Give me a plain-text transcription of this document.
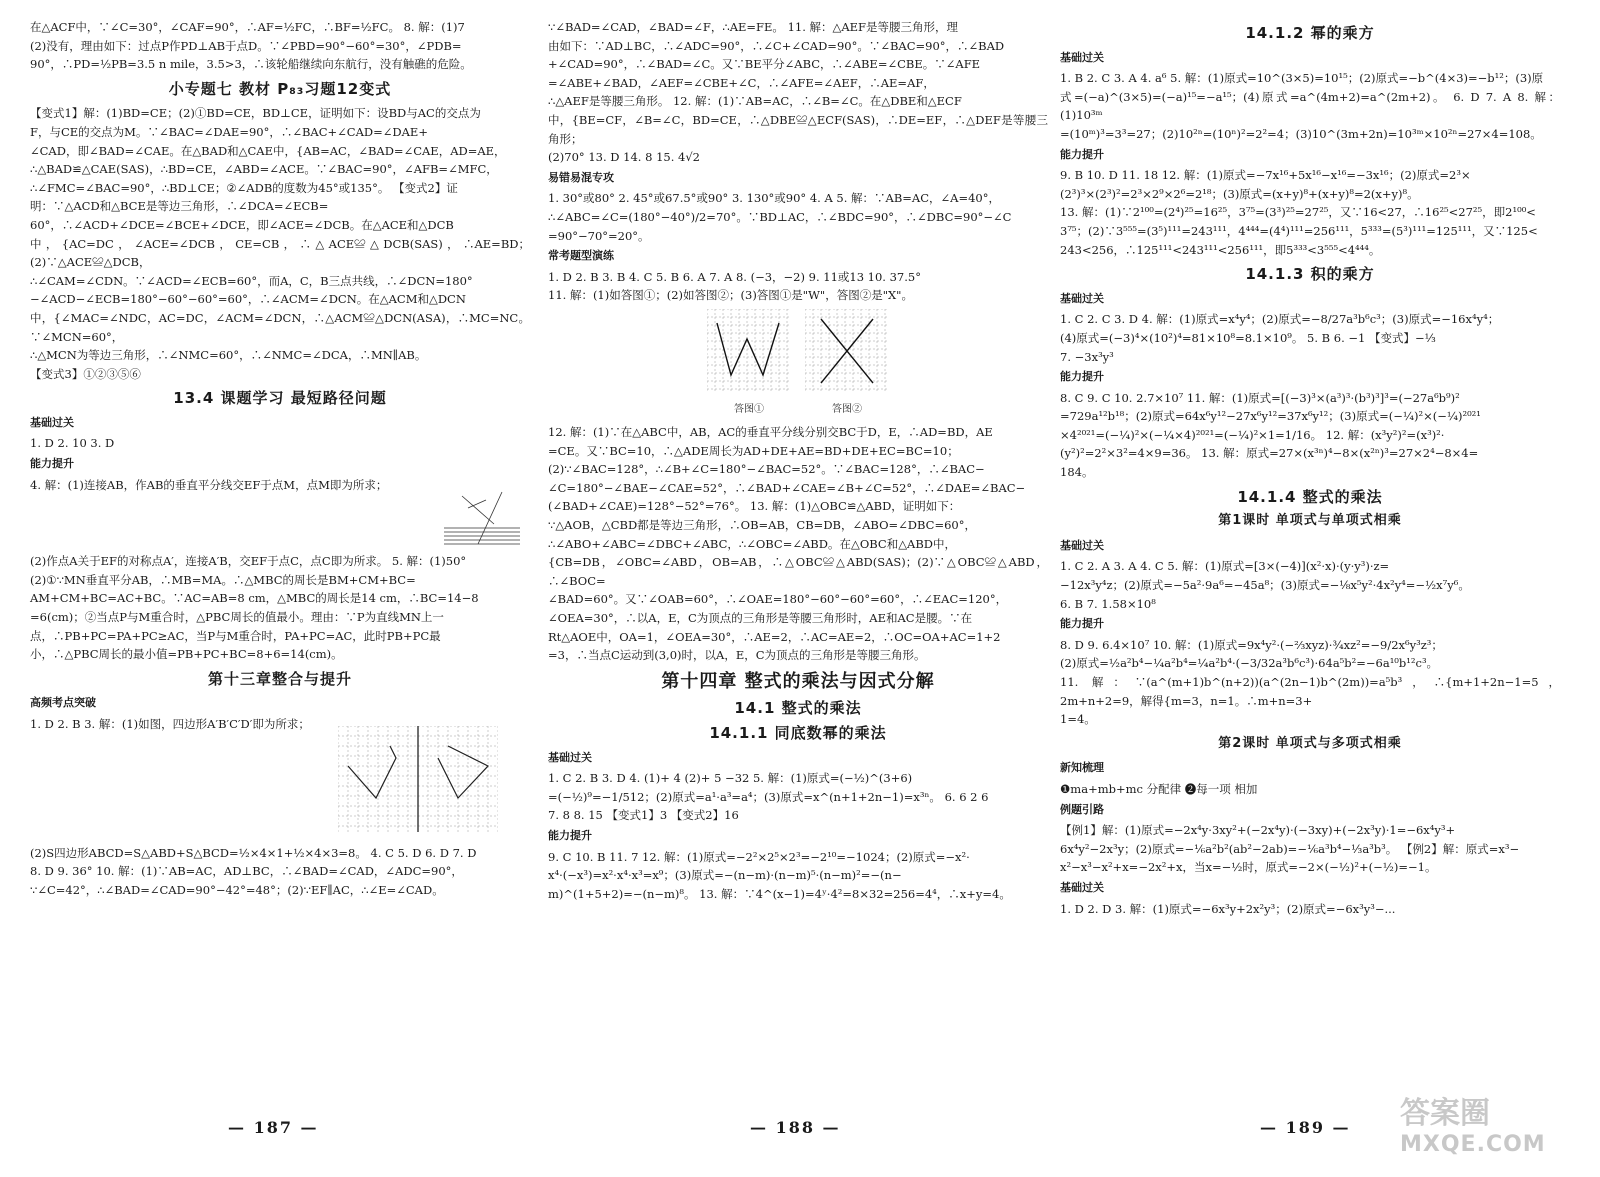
在△ACF中，∵∠C=30°，∠CAF=90°，∴AF=½FC，∴BF=½FC。 8. 解：(1)7

(2)没有，理由如下：过点P作PD⊥AB于点D。∵∠PBD=90°−60°=30°，∠PDB=

90°，∴PD=½PB=3.5 n mile，3.5>3，∴该轮船继续向东航行，没有触礁的危险。

小专题七 教材 P₈₃习题12变式

【变式1】解：(1)BD=CE；(2)①BD=CE，BD⊥CE，证明如下：设BD与AC的交点为

F，与CE的交点为M。∵∠BAC=∠DAE=90°，∴∠BAC+∠CAD=∠DAE+

∠CAD，即∠BAD=∠CAE。在△BAD和△CAE中，{AB=AC，∠BAD=∠CAE，AD=AE，

∴△BAD≌△CAE(SAS)，∴BD=CE，∠ABD=∠ACE。∵∠BAC=90°，∠AFB=∠MFC，

∴∠FMC=∠BAC=90°，∴BD⊥CE；②∠ADB的度数为45°或135°。 【变式2】证

明：∵△ACD和△BCE是等边三角形，∴∠DCA=∠ECB=

60°，∴∠ACD+∠DCE=∠BCE+∠DCE，即∠ACE=∠DCB。在△ACE和△DCB

中，{AC=DC，∠ACE=∠DCB，CE=CB，∴△ACE≌△DCB(SAS)，∴AE=BD；(2)∵△ACE≌△DCB，

∴∠CAM=∠CDN。∵∠ACD=∠ECB=60°，而A，C，B三点共线，∴∠DCN=180°

−∠ACD−∠ECB=180°−60°−60°=60°，∴∠ACM=∠DCN。在△ACM和△DCN

中，{∠MAC=∠NDC，AC=DC，∠ACM=∠DCN，∴△ACM≌△DCN(ASA)，∴MC=NC。∵∠MCN=60°，

∴△MCN为等边三角形，∴∠NMC=60°，∴∠NMC=∠DCA，∴MN∥AB。

【变式3】①②③⑤⑥

13.4 课题学习 最短路径问题
基础过关

1. D 2. 10 3. D

能力提升

4. 解：(1)连接AB，作AB的垂直平分线交EF于点M，点M即为所求；

(2)作点A关于EF的对称点A′，连接A′B，交EF于点C，点C即为所求。 5. 解：(1)50°

(2)①∵MN垂直平分AB，∴MB=MA。∴△MBC的周长是BM+CM+BC=

AM+CM+BC=AC+BC。∵AC=AB=8 cm，△MBC的周长是14 cm，∴BC=14−8

=6(cm)；②当点P与M重合时，△PBC周长的值最小。理由：∵P为直线MN上一

点，∴PB+PC=PA+PC≥AC，当P与M重合时，PA+PC=AC，此时PB+PC最

小，∴△PBC周长的最小值=PB+PC+BC=8+6=14(cm)。

第十三章整合与提升
高频考点突破

1. D 2. B 3. 解：(1)如图，四边形A′B′C′D′即为所求；

(2)S四边形ABCD=S△ABD+S△BCD=½×4×1+½×4×3=8。 4. C 5. D 6. D 7. D

8. D 9. 36° 10. 解：(1)∵AB=AC，AD⊥BC，∴∠BAD=∠CAD，∠ADC=90°，

∵∠C=42°，∴∠BAD=∠CAD=90°−42°=48°；(2)∵EF∥AC，∴∠E=∠CAD。

∵∠BAD=∠CAD，∠BAD=∠F，∴AE=FE。 11. 解：△AEF是等腰三角形，理

由如下：∵AD⊥BC，∴∠ADC=90°，∴∠C+∠CAD=90°。∵∠BAC=90°，∴∠BAD

+∠CAD=90°，∴∠BAD=∠C。又∵BE平分∠ABC，∴∠ABE=∠CBE。∵∠AFE

=∠ABE+∠BAD，∠AEF=∠CBE+∠C，∴∠AFE=∠AEF，∴AE=AF，

∴△AEF是等腰三角形。 12. 解：(1)∵AB=AC，∴∠B=∠C。在△DBE和△ECF

中，{BE=CF，∠B=∠C，BD=CE，∴△DBE≌△ECF(SAS)，∴DE=EF，∴△DEF是等腰三角形；

(2)70° 13. D 14. 8 15. 4√2

易错易混专攻

1. 30°或80° 2. 45°或67.5°或90° 3. 130°或90° 4. A 5. 解：∵AB=AC，∠A=40°，

∴∠ABC=∠C=(180°−40°)/2=70°。∵BD⊥AC，∴∠BDC=90°，∴∠DBC=90°−∠C

=90°−70°=20°。

常考题型演练

1. D 2. B 3. B 4. C 5. B 6. A 7. A 8. (−3，−2) 9. 11或13 10. 37.5°

11. 解：(1)如答图①；(2)如答图②；(3)答图①是"W"，答图②是"X"。

答图①	答图②

12. 解：(1)∵在△ABC中，AB，AC的垂直平分线分别交BC于D，E，∴AD=BD，AE

=CE。又∵BC=10，∴△ADE周长为AD+DE+AE=BD+DE+EC=BC=10；

(2)∵∠BAC=128°，∴∠B+∠C=180°−∠BAC=52°。∵∠BAC=128°，∴∠BAC−

∠C=180°−∠BAE−∠CAE=52°，∴∠BAD+∠CAE=∠B+∠C=52°，∴∠DAE=∠BAC−

(∠BAD+∠CAE)=128°−52°=76°。 13. 解：(1)△OBC≌△ABD，证明如下：

∵△AOB，△CBD都是等边三角形，∴OB=AB，CB=DB，∠ABO=∠DBC=60°，

∴∠ABO+∠ABC=∠DBC+∠ABC，∴∠OBC=∠ABD。在△OBC和△ABD中，

{CB=DB，∠OBC=∠ABD，OB=AB，∴△OBC≌△ABD(SAS)；(2)∵△OBC≌△ABD，∴∠BOC=

∠BAD=60°。又∵∠OAB=60°，∴∠OAE=180°−60°−60°=60°，∴∠EAC=120°，

∠OEA=30°，∴以A，E，C为顶点的三角形是等腰三角形时，AE和AC是腰。∵在

Rt△AOE中，OA=1，∠OEA=30°，∴AE=2，∴AC=AE=2，∴OC=OA+AC=1+2

=3，∴当点C运动到(3,0)时，以A，E，C为顶点的三角形是等腰三角形。

第十四章 整式的乘法与因式分解
14.1 整式的乘法
14.1.1 同底数幂的乘法
基础过关

1. C 2. B 3. D 4. (1)+ 4 (2)+ 5 −32 5. 解：(1)原式=(−½)^(3+6)

=(−½)⁹=−1/512；(2)原式=a¹·a³=a⁴；(3)原式=x^(n+1+2n−1)=x³ⁿ。 6. 6 2 6

7. 8 8. 15 【变式1】3 【变式2】16

能力提升

9. C 10. B 11. 7 12. 解：(1)原式=−2²×2⁵×2³=−2¹⁰=−1024；(2)原式=−x²·

x⁴·(−x³)=x²·x⁴·x³=x⁹；(3)原式=−(n−m)·(n−m)⁵·(n−m)²=−(n−

m)^(1+5+2)=−(n−m)⁸。 13. 解：∵4^(x−1)=4ʸ·4²=8×32=256=4⁴，∴x+y=4。

14.1.2 幂的乘方
基础过关

1. B 2. C 3. A 4. a⁶ 5. 解：(1)原式=10^(3×5)=10¹⁵；(2)原式=−b^(4×3)=−b¹²；(3)原

式=(−a)^(3×5)=(−a)¹⁵=−a¹⁵；(4)原式=a^(4m+2)=a^(2m+2)。 6. D 7. A 8. 解：(1)10³ᵐ

=(10ᵐ)³=3³=27；(2)10²ⁿ=(10ⁿ)²=2²=4；(3)10^(3m+2n)=10³ᵐ×10²ⁿ=27×4=108。

能力提升

9. B 10. D 11. 18 12. 解：(1)原式=−7x¹⁶+5x¹⁶−x¹⁶=−3x¹⁶；(2)原式=2³×

(2³)³×(2³)²=2³×2⁹×2⁶=2¹⁸；(3)原式=(x+y)⁸+(x+y)⁸=2(x+y)⁸。

13. 解：(1)∵2¹⁰⁰=(2⁴)²⁵=16²⁵，3⁷⁵=(3³)²⁵=27²⁵，又∵16<27，∴16²⁵<27²⁵，即2¹⁰⁰<

3⁷⁵；(2)∵3⁵⁵⁵=(3⁵)¹¹¹=243¹¹¹，4⁴⁴⁴=(4⁴)¹¹¹=256¹¹¹，5³³³=(5³)¹¹¹=125¹¹¹，又∵125<

243<256，∴125¹¹¹<243¹¹¹<256¹¹¹，即5³³³<3⁵⁵⁵<4⁴⁴⁴。

14.1.3 积的乘方
基础过关

1. C 2. C 3. D 4. 解：(1)原式=x⁴y⁴；(2)原式=−8/27a³b⁶c³；(3)原式=−16x⁴y⁴；

(4)原式=(−3)⁴×(10²)⁴=81×10⁸=8.1×10⁹。 5. B 6. −1 【变式】−⅓

7. −3x³y³

能力提升

8. C 9. C 10. 2.7×10⁷ 11. 解：(1)原式=[(−3)³×(a³)³·(b³)³]³=(−27a⁶b⁹)²

=729a¹²b¹⁸；(2)原式=64x⁶y¹²−27x⁶y¹²=37x⁶y¹²；(3)原式=(−¼)²×(−¼)²⁰²¹

×4²⁰²¹=(−¼)²×(−¼×4)²⁰²¹=(−¼)²×1=1/16。 12. 解：(x³y²)²=(x³)²·

(y²)²=2²×3²=4×9=36。 13. 解：原式=27×(x³ⁿ)⁴−8×(x²ⁿ)³=27×2⁴−8×4=

184。

14.1.4 整式的乘法
第1课时 单项式与单项式相乘
基础过关

1. C 2. A 3. A 4. C 5. 解：(1)原式=[3×(−4)](x²·x)·(y·y³)·z=

−12x³y⁴z；(2)原式=−5a²·9a⁶=−45a⁸；(3)原式=−⅛x⁵y²·4x²y⁴=−½x⁷y⁶。

6. B 7. 1.58×10⁸

能力提升

8. D 9. 6.4×10⁷ 10. 解：(1)原式=9x⁴y²·(−⅔xyz)·¾xz²=−9/2x⁶y³z³；

(2)原式=½a²b⁴−¼a²b⁴=¼a²b⁴·(−3/32a³b⁶c³)·64a⁵b²=−6a¹⁰b¹²c³。

11. 解：∵(a^(m+1)b^(n+2))(a^(2n−1)b^(2m))=a⁵b³，∴{m+1+2n−1=5，2m+n+2=9，解得{m=3，n=1。∴m+n=3+

1=4。

第2课时 单项式与多项式相乘
新知梳理

❶ma+mb+mc 分配律 ❷每一项 相加

例题引路

【例1】解：(1)原式=−2x⁴y·3xy²+(−2x⁴y)·(−3xy)+(−2x³y)·1=−6x⁴y³+

6x⁴y²−2x³y；(2)原式=−⅙a²b²(ab²−2ab)=−⅙a³b⁴−⅓a³b³。 【例2】解：原式=x³−

x²−x³−x²+x=−2x²+x，当x=−½时，原式=−2×(−½)²+(−½)=−1。

基础过关

1. D 2. D 3. 解：(1)原式=−6x³y+2x²y³；(2)原式=−6x³y³−...

— 187 —	— 188 —	— 189 — 答案圈
MXQE.COM
